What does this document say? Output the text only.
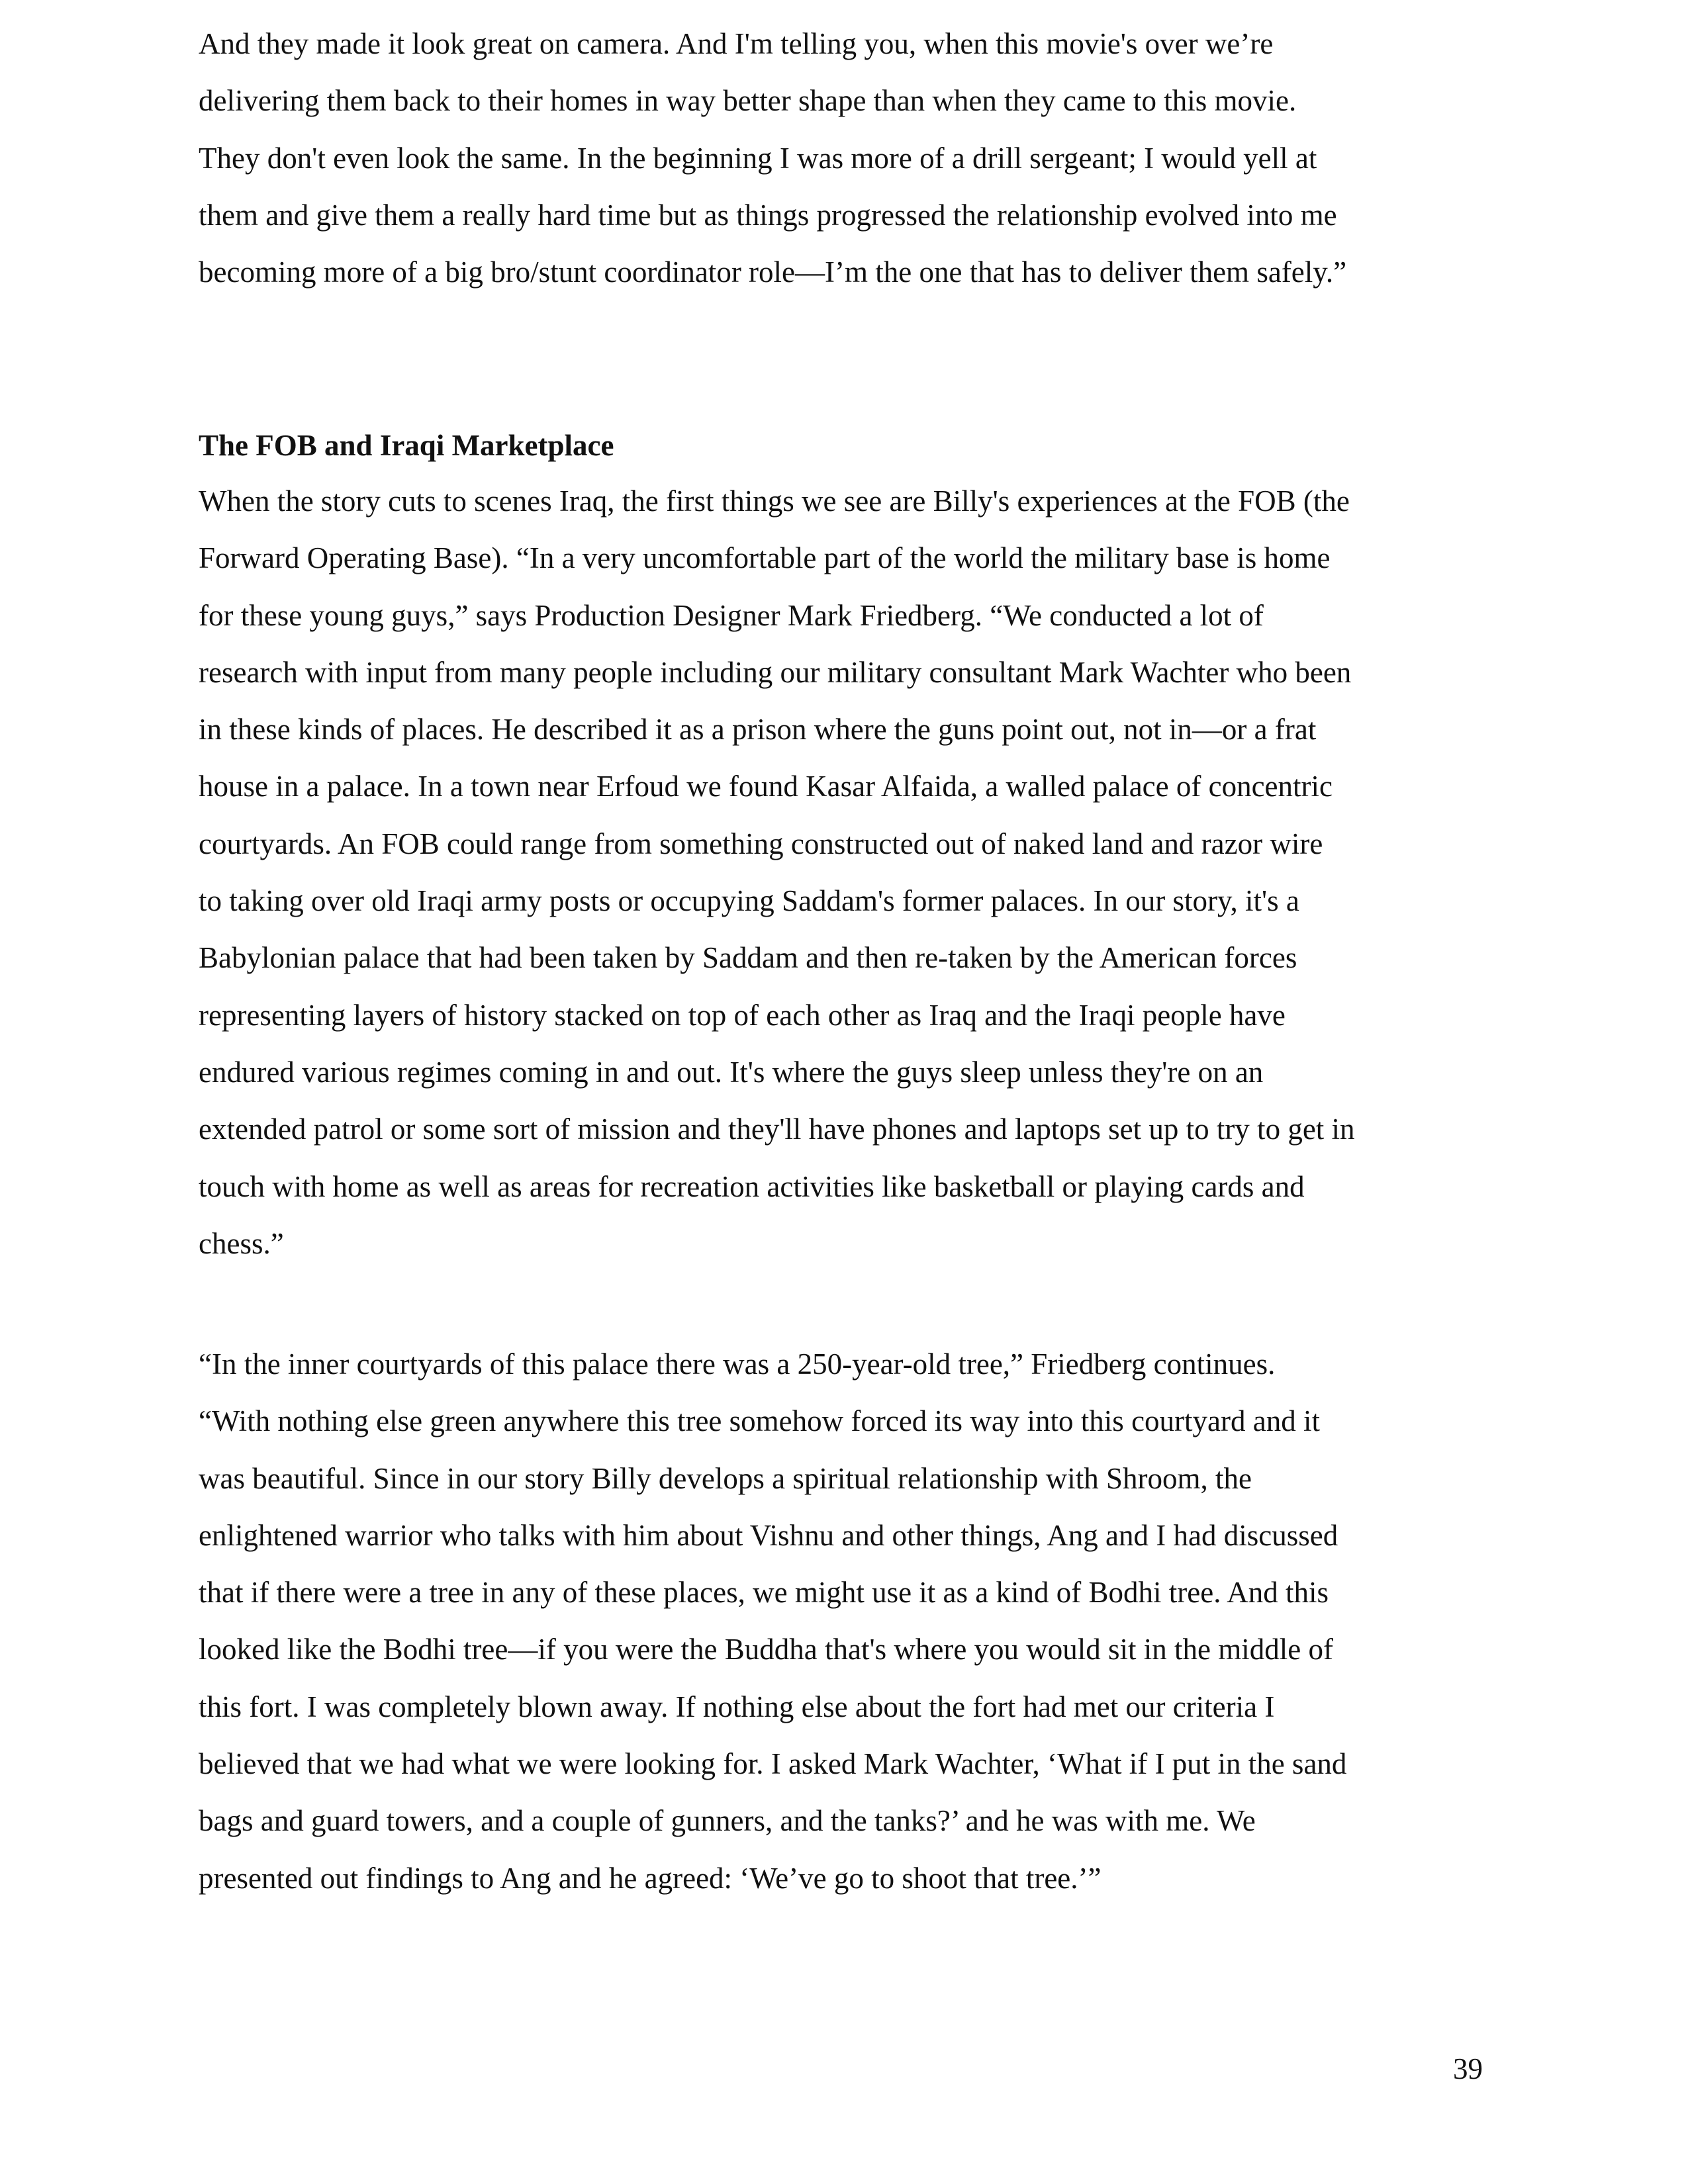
And they made it look great on camera. And I'm telling you, when this movie's over we’re
delivering them back to their homes in way better shape than when they came to this movie.
They don't even look the same. In the beginning I was more of a drill sergeant; I would yell at
them and give them a really hard time but as things progressed the relationship evolved into me
becoming more of a big bro/stunt coordinator role—I’m the one that has to deliver them safely.”

The FOB and Iraqi Marketplace

When the story cuts to scenes Iraq, the first things we see are Billy's experiences at the FOB (the
Forward Operating Base). “In a very uncomfortable part of the world the military base is home
for these young guys,” says Production Designer Mark Friedberg. “We conducted a lot of
research with input from many people including our military consultant Mark Wachter who been
in these kinds of places. He described it as a prison where the guns point out, not in—or a frat
house in a palace. In a town near Erfoud we found Kasar Alfaida, a walled palace of concentric
courtyards. An FOB could range from something constructed out of naked land and razor wire
to taking over old Iraqi army posts or occupying Saddam's former palaces. In our story, it's a
Babylonian palace that had been taken by Saddam and then re-taken by the American forces
representing layers of history stacked on top of each other as Iraq and the Iraqi people have
endured various regimes coming in and out. It's where the guys sleep unless they're on an
extended patrol or some sort of mission and they'll have phones and laptops set up to try to get in
touch with home as well as areas for recreation activities like basketball or playing cards and
chess.”

“In the inner courtyards of this palace there was a 250-year-old tree,” Friedberg continues.
“With nothing else green anywhere this tree somehow forced its way into this courtyard and it
was beautiful. Since in our story Billy develops a spiritual relationship with Shroom, the
enlightened warrior who talks with him about Vishnu and other things, Ang and I had discussed
that if there were a tree in any of these places, we might use it as a kind of Bodhi tree. And this
looked like the Bodhi tree—if you were the Buddha that's where you would sit in the middle of
this fort. I was completely blown away. If nothing else about the fort had met our criteria I
believed that we had what we were looking for. I asked Mark Wachter, ‘What if I put in the sand
bags and guard towers, and a couple of gunners, and the tanks?’ and he was with me. We
presented out findings to Ang and he agreed: ‘We’ve go to shoot that tree.’”

39
